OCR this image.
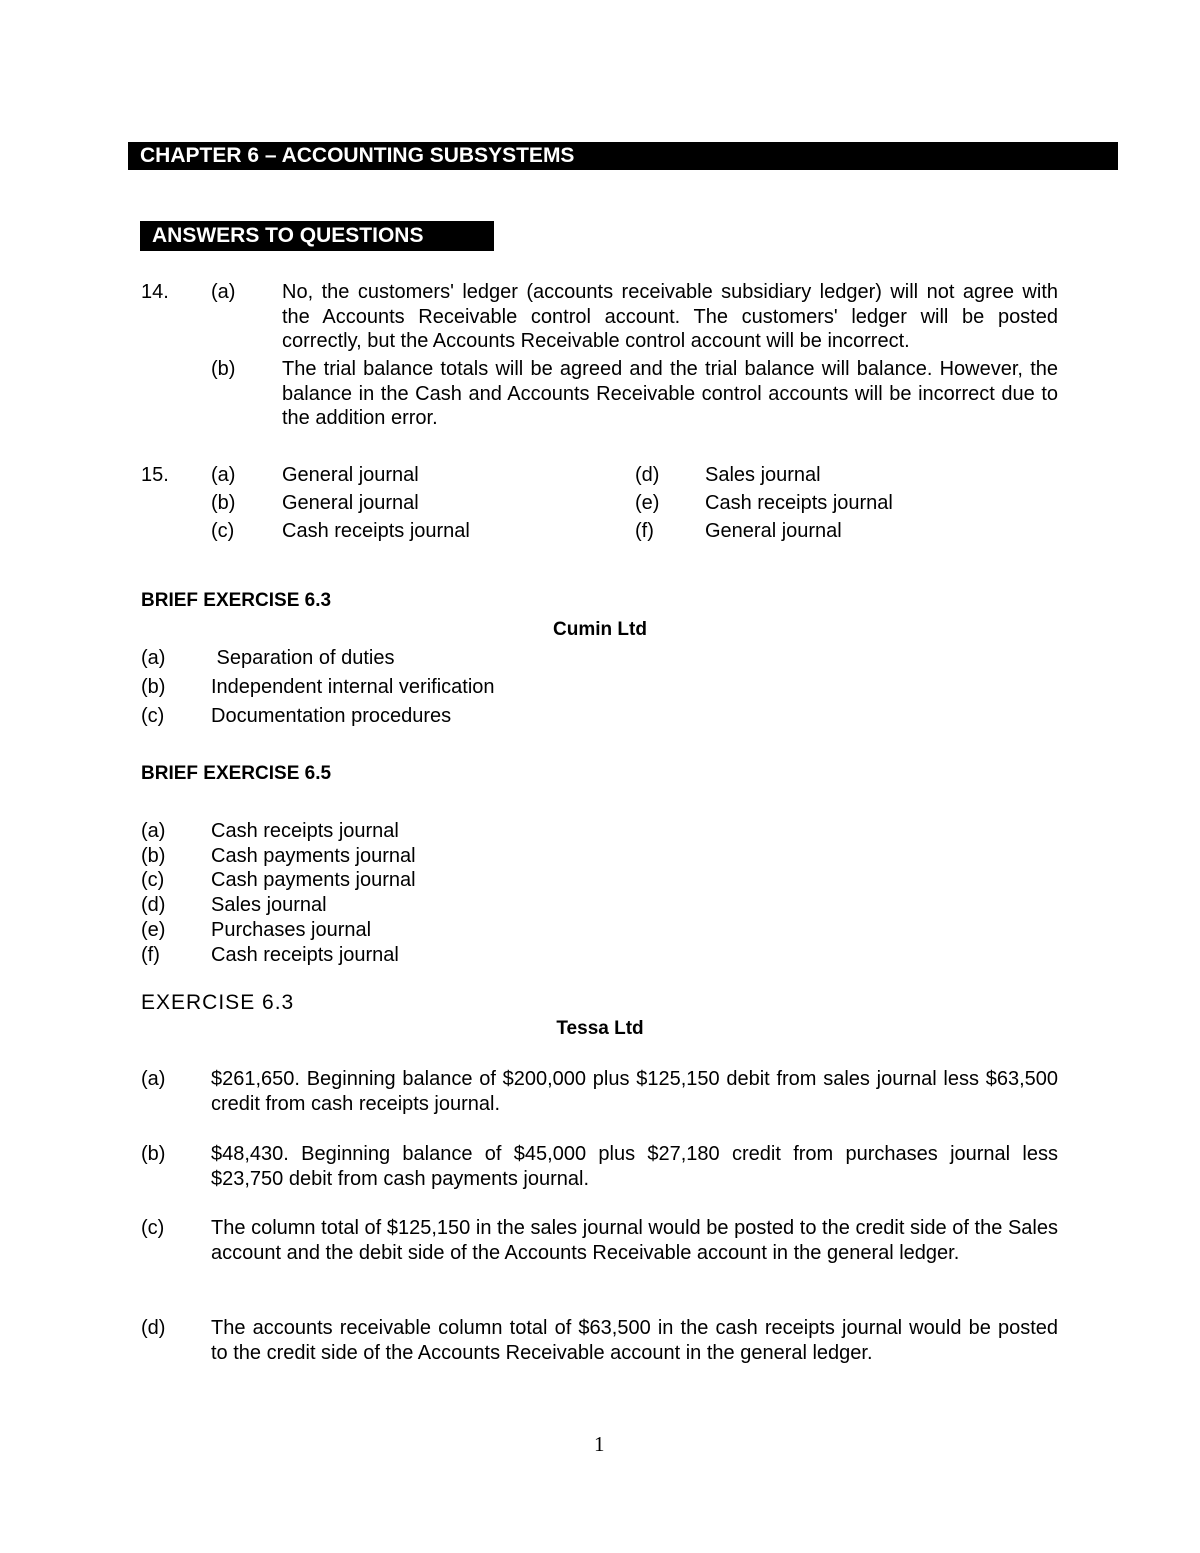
CHAPTER 6 – ACCOUNTING SUBSYSTEMS
ANSWERS TO QUESTIONS
14. (a) No, the customers' ledger (accounts receivable subsidiary ledger) will not agree with the Accounts Receivable control account. The customers' ledger will be posted correctly, but the Accounts Receivable control account will be incorrect.
(b) The trial balance totals will be agreed and the trial balance will balance. However, the balance in the Cash and Accounts Receivable control accounts will be incorrect due to the addition error.
15. (a) General journal
(b) General journal
(c) Cash receipts journal
(d) Sales journal
(e) Cash receipts journal
(f)	General journal
BRIEF EXERCISE 6.3
Cumin Ltd
(a) Separation of duties
(b) Independent internal verification
(c) Documentation procedures
BRIEF EXERCISE 6.5
(a) Cash receipts journal
(b) Cash payments journal
(c) Cash payments journal
(d) Sales journal
(e) Purchases journal
(f)	Cash receipts journal
EXERCISE 6.3
Tessa Ltd
(a) $261,650. Beginning balance of $200,000 plus $125,150 debit from sales journal less $63,500 credit from cash receipts journal.
(b) $48,430. Beginning balance of $45,000 plus $27,180 credit from purchases journal less $23,750 debit from cash payments journal.
(c) The column total of $125,150 in the sales journal would be posted to the credit side of the Sales account and the debit side of the Accounts Receivable account in the general ledger.
(d) The accounts receivable column total of $63,500 in the cash receipts journal would be posted to the credit side of the Accounts Receivable account in the general ledger.
1
